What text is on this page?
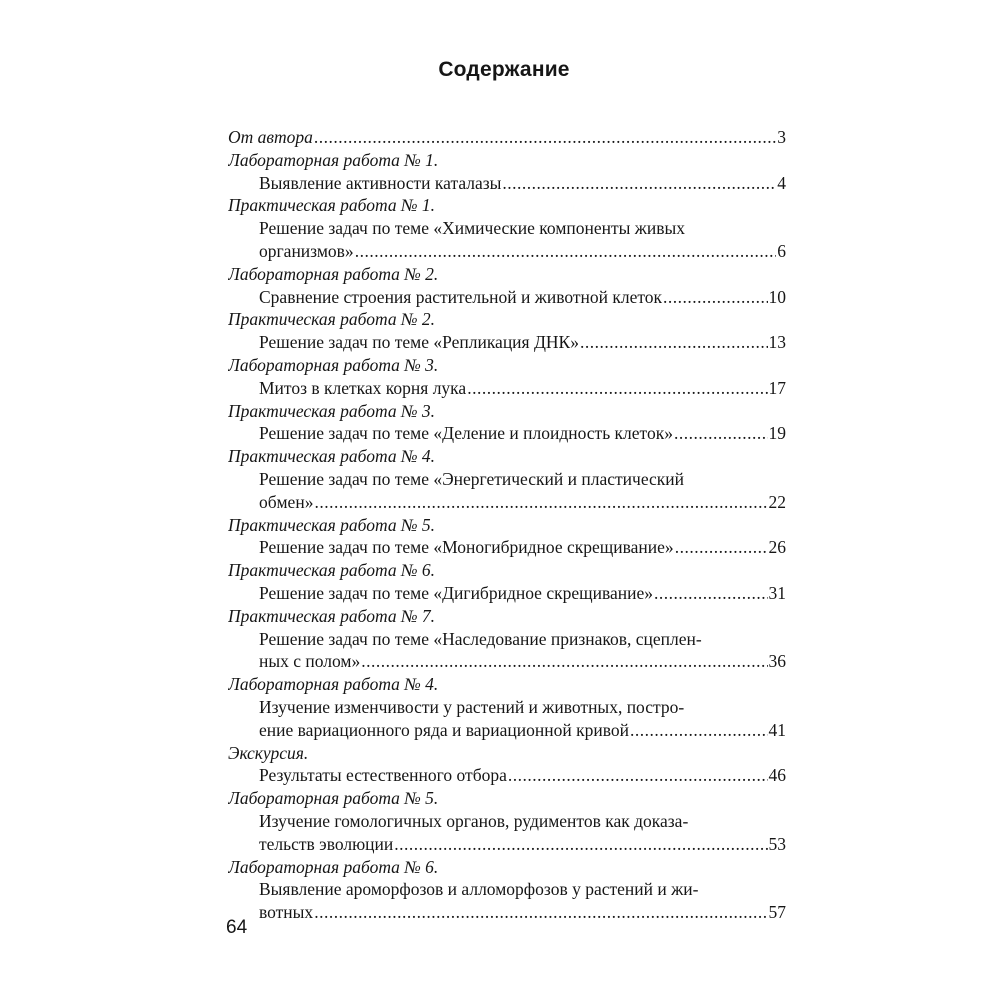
Содержание
От автора .....	3
Лабораторная работа № 1.
Выявление активности каталазы .....	4
Практическая работа № 1.
Решение задач по теме «Химические компоненты живых
организмов» .....	6
Лабораторная работа № 2.
Сравнение строения растительной и животной клеток .....	10
Практическая работа № 2.
Решение задач по теме «Репликация ДНК» .....	13
Лабораторная работа № 3.
Митоз в клетках корня лука .....	17
Практическая работа № 3.
Решение задач по теме «Деление и плоидность клеток» .....	19
Практическая работа № 4.
Решение задач по теме «Энергетический и пластический
обмен» .....	22
Практическая работа № 5.
Решение задач по теме «Моногибридное скрещивание» .....	26
Практическая работа № 6.
Решение задач по теме «Дигибридное скрещивание» .....	31
Практическая работа № 7.
Решение задач по теме «Наследование признаков, сцеплен-
ных с полом» .....	36
Лабораторная работа № 4.
Изучение изменчивости у растений и животных, постро-
ение вариационного ряда и вариационной кривой .....	41
Экскурсия.
Результаты естественного отбора .....	46
Лабораторная работа № 5.
Изучение гомологичных органов, рудиментов как доказа-
тельств эволюции .....	53
Лабораторная работа № 6.
Выявление ароморфозов и алломорфозов у растений и жи-
вотных .....	57
64
